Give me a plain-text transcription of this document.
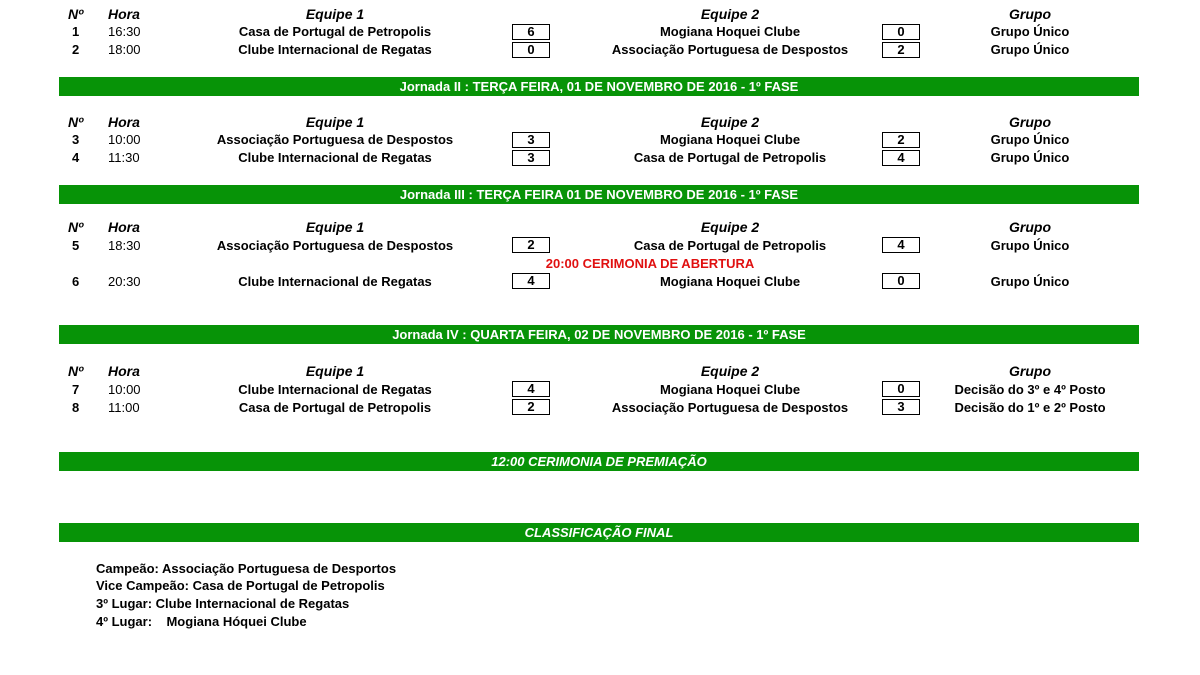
Nº Hora	Equipe 1	Equipe 2	Grupo
1 16:30	Casa de Portugal de Petropolis	6	Mogiana Hoquei Clube	0	Grupo Único
2 18:00	Clube Internacional de Regatas	0	Associação Portuguesa de Despostos	2	Grupo Único
Jornada II : TERÇA FEIRA, 01 DE NOVEMBRO DE 2016 - 1º FASE
Nº Hora	Equipe 1	Equipe 2	Grupo
3 10:00	Associação Portuguesa de Despostos	3	Mogiana Hoquei Clube	2	Grupo Único
4 11:30	Clube Internacional de Regatas	3	Casa de Portugal de Petropolis	4	Grupo Único
Jornada III : TERÇA FEIRA 01 DE NOVEMBRO DE 2016 - 1º FASE
Nº Hora	Equipe 1	Equipe 2	Grupo
5 18:30	Associação Portuguesa de Despostos	2	Casa de Portugal de Petropolis	4	Grupo Único
20:00 CERIMONIA DE ABERTURA
6 20:30	Clube Internacional de Regatas	4	Mogiana Hoquei Clube	0	Grupo Único
Jornada IV : QUARTA FEIRA, 02 DE NOVEMBRO DE 2016 - 1º FASE
Nº Hora	Equipe 1	Equipe 2	Grupo
7 10:00	Clube Internacional de Regatas	4	Mogiana Hoquei Clube	0	Decisão do 3º e 4º Posto
8 11:00	Casa de Portugal de Petropolis	2	Associação Portuguesa de Despostos	3	Decisão do 1º e 2º Posto
12:00 CERIMONIA DE PREMIAÇÃO
CLASSIFICAÇÃO FINAL
Campeão: Associação Portuguesa de Desportos
Vice Campeão: Casa de Portugal de Petropolis
3º Lugar: Clube Internacional de Regatas
4º Lugar:    Mogiana Hóquei Clube
